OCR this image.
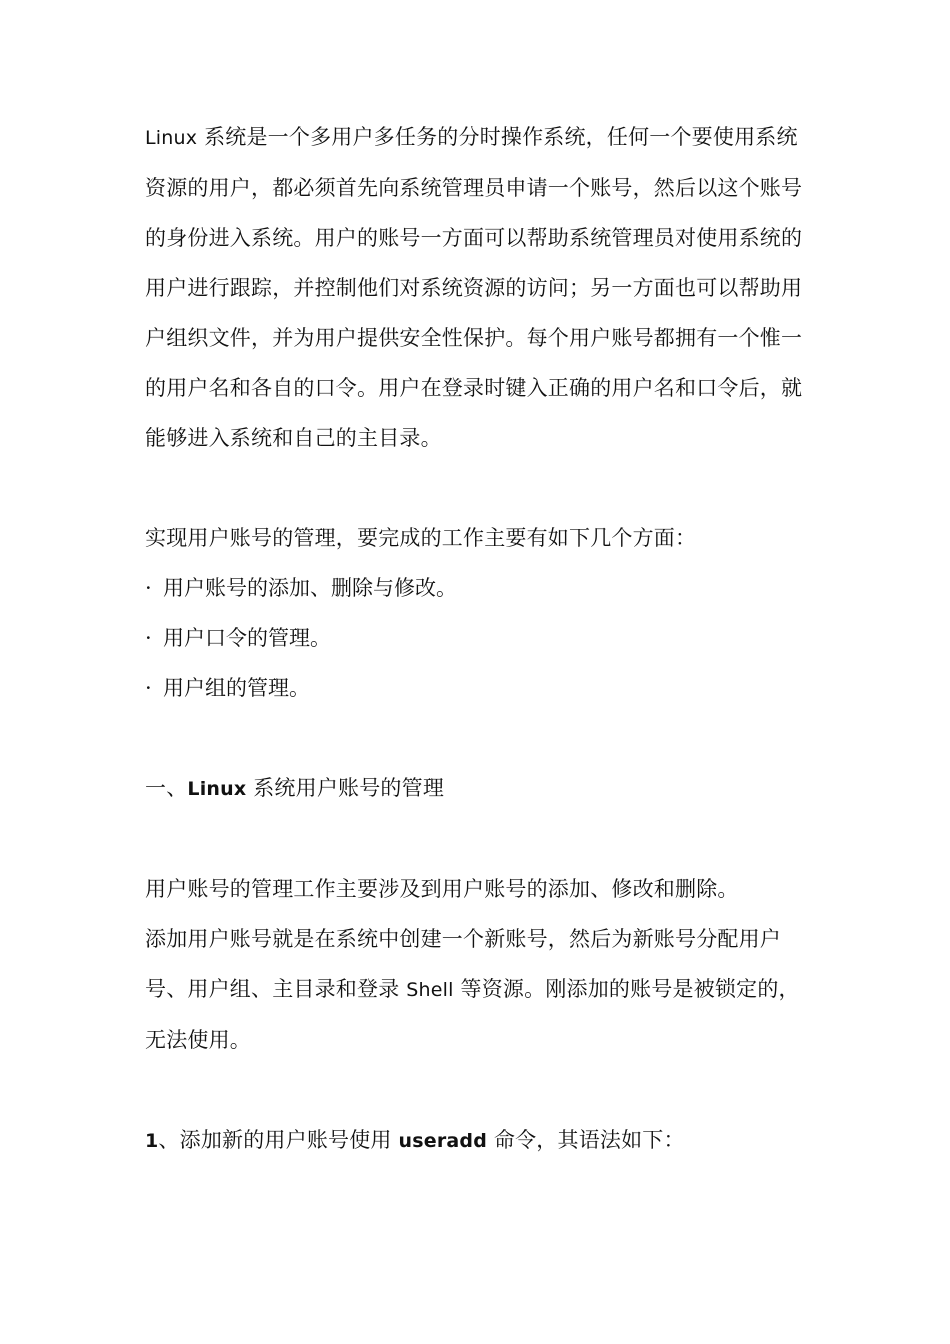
Linux 系统是一个多用户多任务的分时操作系统，任何一个要使用系统资源的用户，都必须首先向系统管理员申请一个账号，然后以这个账号的身份进入系统。用户的账号一方面可以帮助系统管理员对使用系统的用户进行跟踪，并控制他们对系统资源的访问；另一方面也可以帮助用户组织文件，并为用户提供安全性保护。每个用户账号都拥有一个惟一的用户名和各自的口令。用户在登录时键入正确的用户名和口令后，就能够进入系统和自己的主目录。

实现用户账号的管理，要完成的工作主要有如下几个方面：

· 用户账号的添加、删除与修改。

· 用户口令的管理。

· 用户组的管理。

一、Linux 系统用户账号的管理

用户账号的管理工作主要涉及到用户账号的添加、修改和删除。

添加用户账号就是在系统中创建一个新账号，然后为新账号分配用户号、用户组、主目录和登录 Shell 等资源。刚添加的账号是被锁定的，无法使用。

1、添加新的用户账号使用 useradd 命令，其语法如下：
